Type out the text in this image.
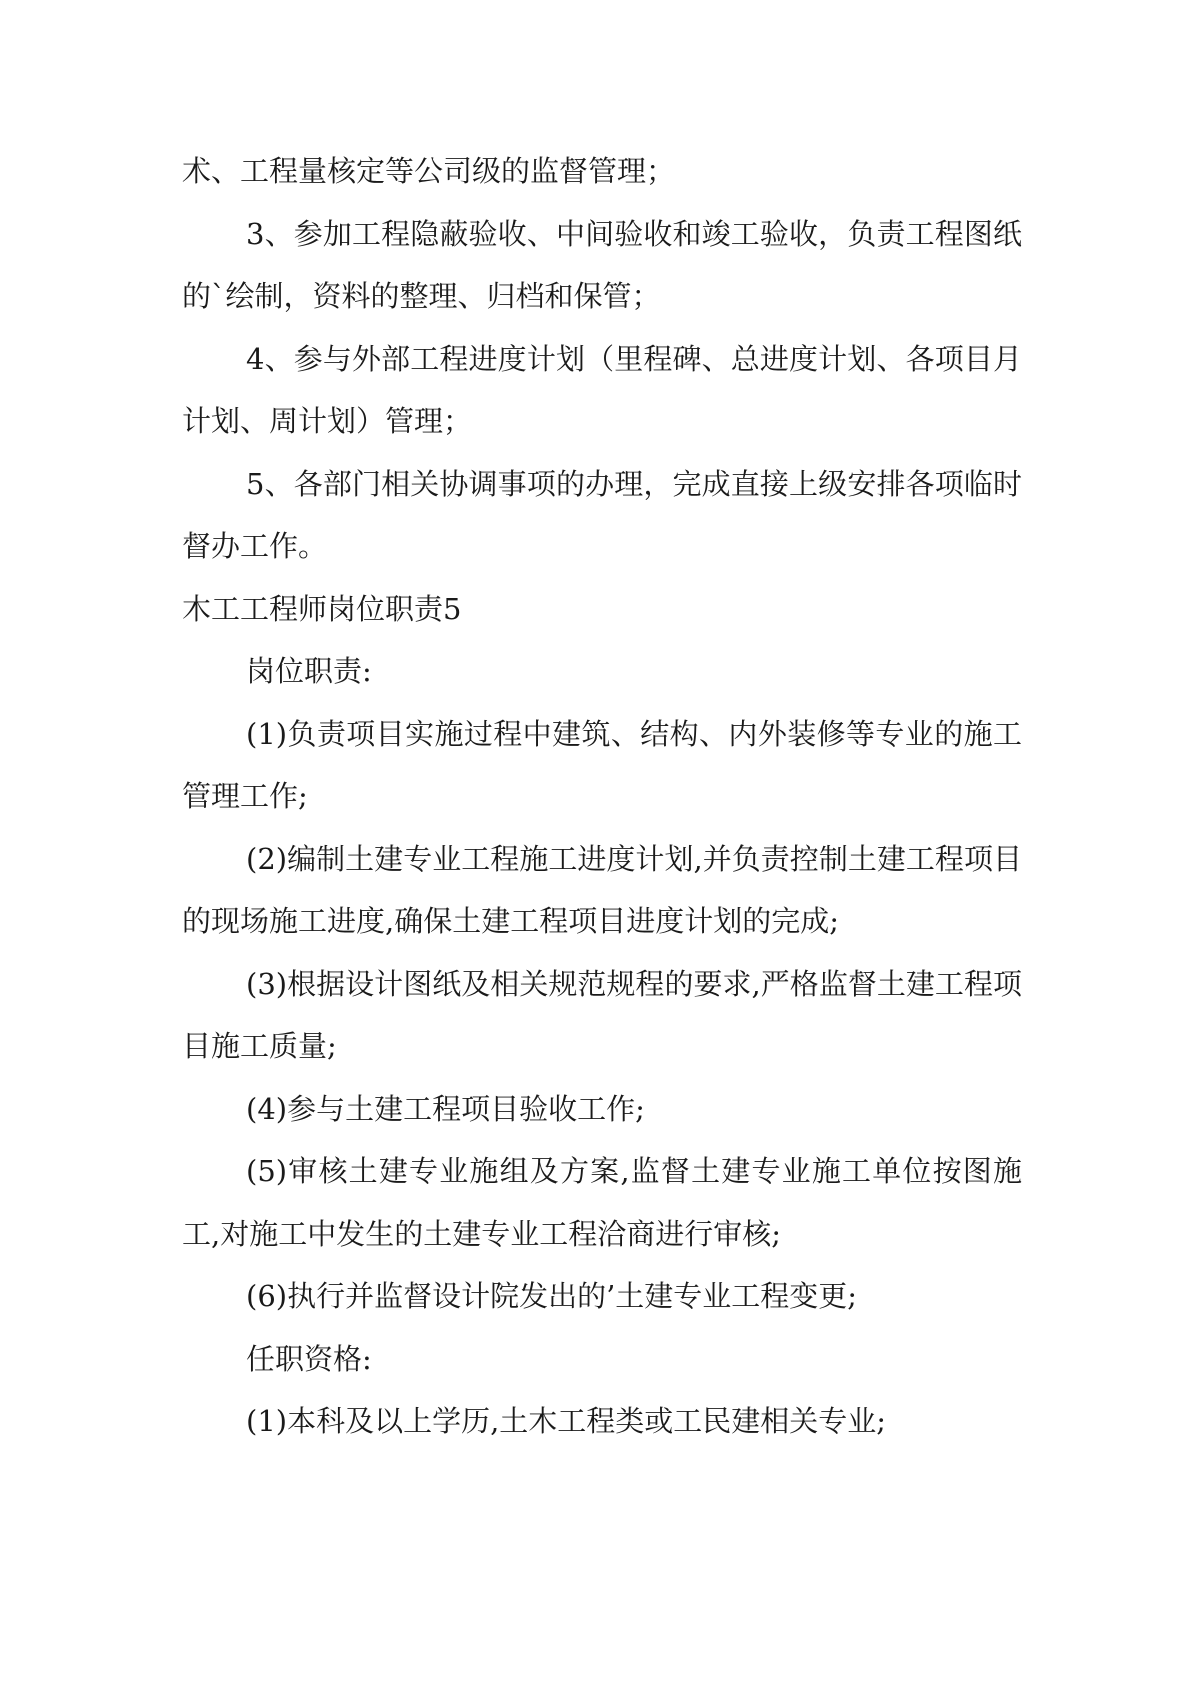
术、工程量核定等公司级的监督管理；

3、参加工程隐蔽验收、中间验收和竣工验收，负责工程图纸的`绘制，资料的整理、归档和保管；

4、参与外部工程进度计划（里程碑、总进度计划、各项目月计划、周计划）管理；

5、各部门相关协调事项的办理，完成直接上级安排各项临时督办工作。

木工工程师岗位职责5

岗位职责:

(1)负责项目实施过程中建筑、结构、内外装修等专业的施工管理工作;

(2)编制土建专业工程施工进度计划,并负责控制土建工程项目的现场施工进度,确保土建工程项目进度计划的完成;

(3)根据设计图纸及相关规范规程的要求,严格监督土建工程项目施工质量;

(4)参与土建工程项目验收工作;

(5)审核土建专业施组及方案,监督土建专业施工单位按图施工,对施工中发生的土建专业工程洽商进行审核;

(6)执行并监督设计院发出的’土建专业工程变更;

任职资格:

(1)本科及以上学历,土木工程类或工民建相关专业;
